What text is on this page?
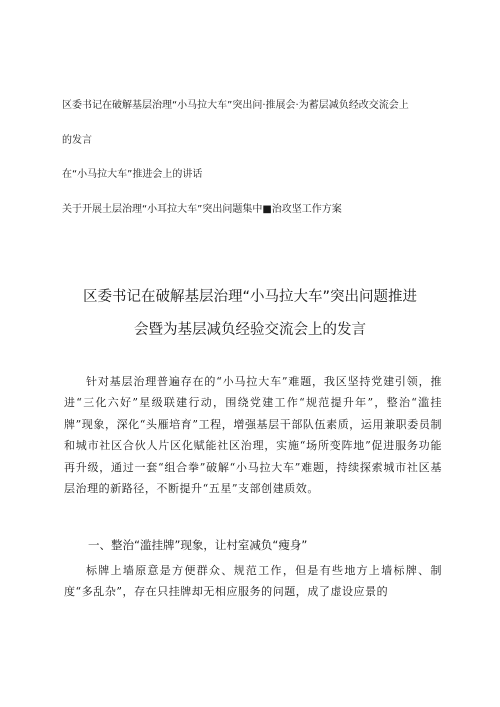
区委书记在破解基层治理“小马拉大车”突出问·推展会·为蓄层减负经改交流会上

的发言

在“小马拉大车”推进会上的讲话

关于开展土层治理“小耳拉大车”突出问题集中■治攻坚工作方案

区委书记在破解基层治理“小马拉大车”突出问题推进
会暨为基层减负经验交流会上的发言

针对基层治理普遍存在的“小马拉大车”难题，我区坚持党建引领，推进“三化六好”星级联建行动，围绕党建工作“规范提升年”，整治“滥挂牌”现象，深化“头雁培育”工程，增强基层干部队伍素质，运用兼职委员制和城市社区合伙人片区化赋能社区治理，实施“场所变阵地”促进服务功能再升级，通过一套“组合拳”破解“小马拉大车”难题，持续探索城市社区基层治理的新路径，不断提升“五星”支部创建质效。

一、整治“滥挂牌”现象，让村室减负“瘦身”

标牌上墙原意是方便群众、规范工作，但是有些地方上墙标牌、制度“多乱杂”，存在只挂牌却无相应服务的问题，成了虚设应景的
